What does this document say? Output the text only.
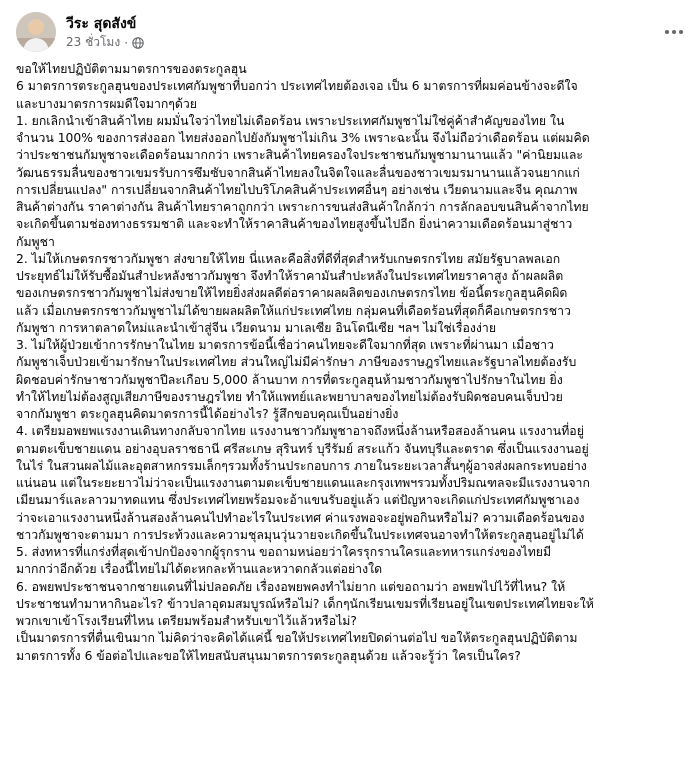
วีระ สุดสังข์
23 ชั่วโมง ·

ขอให้ไทยปฏิบัติตามมาตรการของตระกูลฮุน

6 มาตรการตระกูลฮุนของประเทศกัมพูชาที่บอกว่า ประเทศไทยต้องเจอ เป็น 6 มาตรการที่ผมค่อนข้างจะดีใจ

และบางมาตรการผมดีใจมากๆด้วย

1. ยกเลิกนำเข้าสินค้าไทย ผมมั่นใจว่าไทยไม่เดือดร้อน เพราะประเทศกัมพูชาไม่ใช่คู่ค้าสำคัญของไทย ใน

จำนวน 100% ของการส่งออก ไทยส่งออกไปยังกัมพูชาไม่เกิน 3% เพราะฉะนั้น จึงไม่ถือว่าเดือดร้อน แต่ผมคิด

ว่าประชาชนกัมพูชาจะเดือดร้อนมากกว่า เพราะสินค้าไทยครองใจประชาชนกัมพูชามานานแล้ว "ค่านิยมและ

วัฒนธรรมลื่นของชาวเขมรรับการซึมซับจากสินค้าไทยลงในจิตใจและลื่นของชาวเขมรมานานแล้วจนยากแก่

การเปลี่ยนแปลง" การเปลี่ยนจากสินค้าไทยไปบริโภคสินค้าประเทศอื่นๆ อย่างเช่น เวียดนามและจีน คุณภาพ

สินค้าต่างกัน ราคาต่างกัน สินค้าไทยราคาถูกกว่า เพราะการขนส่งสินค้าใกล้กว่า การลักลอบขนสินค้าจากไทย

จะเกิดขึ้นตามช่องทางธรรมชาติ และจะทำให้ราคาสินค้าของไทยสูงขึ้นไปอีก ยิ่งน่าความเดือดร้อนมาสู่ชาว

กัมพูชา

2. ไม่ให้เกษตรกรชาวกัมพูชา ส่งขายให้ไทย นี่แหละคือสิ่งที่ดีที่สุดสำหรับเกษตรกรไทย สมัยรัฐบาลพลเอก

ประยุทธ์ไม่ให้รับซื้อมันสำปะหลังชาวกัมพูชา จึงทำให้ราคามันสำปะหลังในประเทศไทยราคาสูง ถ้าผลผลิต

ของเกษตรกรชาวกัมพูชาไม่ส่งขายให้ไทยยิ่งส่งผลดีต่อราคาผลผลิตของเกษตรกรไทย ข้อนี้ตระกูลฮุนคิดผิด

แล้ว เมื่อเกษตรกรชาวกัมพูชาไม่ได้ขายผลผลิตให้แก่ประเทศไทย กลุ่มคนที่เดือดร้อนที่สุดก็คือเกษตรกรชาว

กัมพูชา การหาตลาดใหม่และนำเข้าสู่จีน เวียดนาม มาเลเซีย อินโดนีเซีย ฯลฯ ไม่ใช่เรื่องง่าย

3. ไม่ให้ผู้ป่วยเข้าการรักษาในไทย มาตรการข้อนี้เชื่อว่าคนไทยจะดีใจมากที่สุด เพราะที่ผ่านมา เมื่อชาว

กัมพูชาเจ็บป่วยเข้ามารักษาในประเทศไทย ส่วนใหญ่ไม่มีค่ารักษา ภาษีของราษฎรไทยและรัฐบาลไทยต้องรับ

ผิดชอบค่ารักษาชาวกัมพูชาปีละเกือบ 5,000 ล้านบาท การที่ตระกูลฮุนห้ามชาวกัมพูชาไปรักษาในไทย ยิ่ง

ทำให้ไทยไม่ต้องสูญเสียภาษีของราษฎรไทย ทำให้แพทย์และพยาบาลของไทยไม่ต้องรับผิดชอบคนเจ็บป่วย

จากกัมพูชา ตระกูลฮุนคิดมาตรการนี้ได้อย่างไร? รู้สึกขอบคุณเป็นอย่างยิ่ง

4. เตรียมอพยพแรงงานเดินทางกลับจากไทย แรงงานชาวกัมพูชาอาจถึงหนึ่งล้านหรือสองล้านคน แรงงานที่อยู่

ตามตะเข็บชายแดน อย่างอุบลราชธานี ศรีสะเกษ สุรินทร์ บุรีรัมย์ สระแก้ว จันทบุรีและตราด ซึ่งเป็นแรงงานอยู่

ในไร่ ในสวนผลไม้และอุตสาหกรรมเล็กๆรวมทั้งร้านประกอบการ ภายในระยะเวลาสั้นๆผู้อาจส่งผลกระทบอย่าง

แน่นอน แต่ในระยะยาวไม่ว่าจะเป็นแรงงานตามตะเข็บชายแดนและกรุงเทพฯรวมทั้งปริมณฑลจะมีแรงงานจาก

เมียนมาร์และลาวมาทดแทน ซึ่งประเทศไทยพร้อมจะอ้าแขนรับอยู่แล้ว แต่ปัญหาจะเกิดแก่ประเทศกัมพูชาเอง

ว่าจะเอาแรงงานหนึ่งล้านสองล้านคนไปทำอะไรในประเทศ ค่าแรงพอจะอยู่พอกินหรือไม่? ความเดือดร้อนของ

ชาวกัมพูชาจะตามมา การประท้วงและความชุลมุนวุ่นวายจะเกิดขึ้นในประเทศจนอาจทำให้ตระกูลฮุนอยู่ไม่ได้

5. ส่งทหารที่แกร่งที่สุดเข้าปกป้องจากผู้รุกราน ขอถามหน่อยว่าใครรุกรานใครและทหารแกร่งของไทยมี

มากกว่าอีกด้วย เรื่องนี้ไทยไม่ได้ตะหกละท้านและหวาดกลัวแต่อย่างใด

6. อพยพประชาชนจากชายแดนที่ไม่ปลอดภัย เรื่องอพยพคงทำไม่ยาก แต่ขอถามว่า อพยพไปไว้ที่ไหน? ให้

ประชาชนทำมาหากินอะไร? ข้าวปลาอุดมสมบูรณ์หรือไม่? เด็กๆนักเรียนเขมรที่เรียนอยู่ในเขตประเทศไทยจะให้

พวกเขาเข้าโรงเรียนที่ไหน เตรียมพร้อมสำหรับเขาไว้แล้วหรือไม่?

เป็นมาตรการที่ตื่นเขินมาก ไม่คิดว่าจะคิดได้แค่นี้ ขอให้ประเทศไทยปิดด่านต่อไป ขอให้ตระกูลฮุนปฏิบัติตาม

มาตรการทั้ง 6 ข้อต่อไปและขอให้ไทยสนับสนุนมาตรการตระกูลฮุนด้วย แล้วจะรู้ว่า ใครเป็นใคร?
